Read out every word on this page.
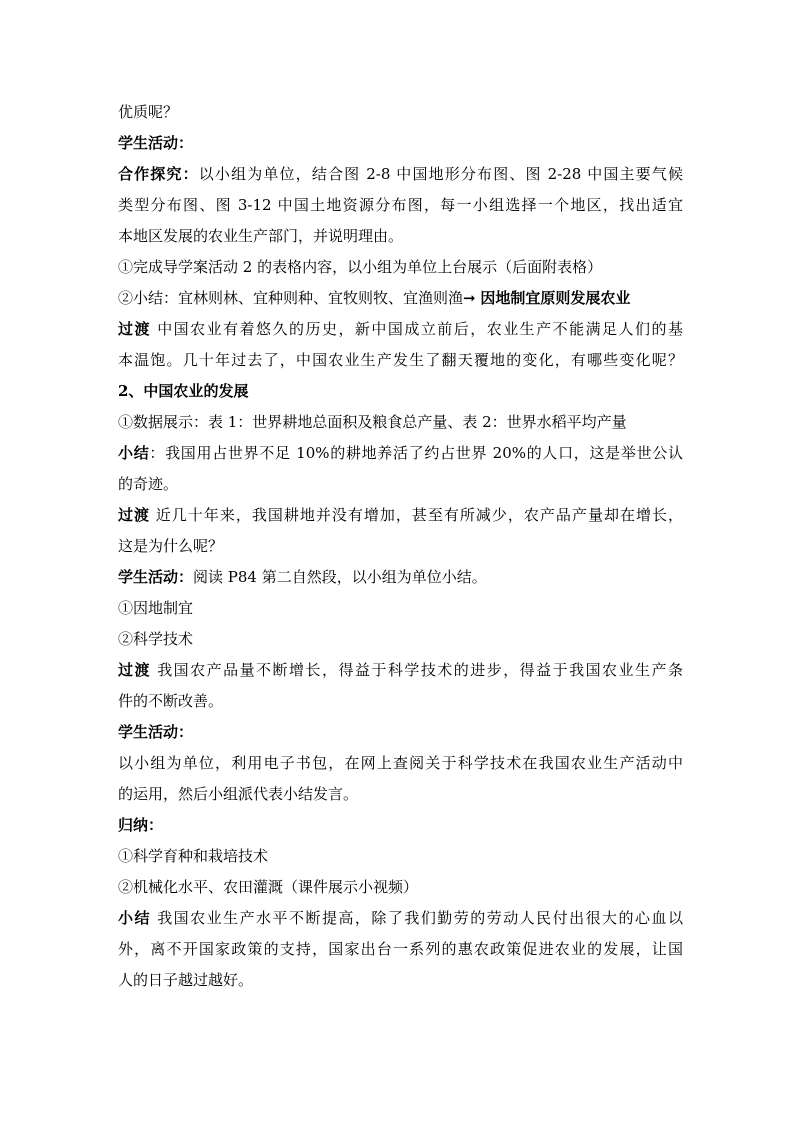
优质呢？
学生活动：
合作探究：以小组为单位，结合图 2-8 中国地形分布图、图 2-28 中国主要气候
类型分布图、图 3-12 中国土地资源分布图，每一小组选择一个地区，找出适宜
本地区发展的农业生产部门，并说明理由。
①完成导学案活动 2 的表格内容，以小组为单位上台展示（后面附表格）
②小结：宜林则林、宜种则种、宜牧则牧、宜渔则渔➞ 因地制宜原则发展农业
过渡 中国农业有着悠久的历史，新中国成立前后，农业生产不能满足人们的基
本温饱。几十年过去了，中国农业生产发生了翻天覆地的变化，有哪些变化呢？
2、中国农业的发展
①数据展示：表 1：世界耕地总面积及粮食总产量、表 2：世界水稻平均产量
小结：我国用占世界不足 10%的耕地养活了约占世界 20%的人口，这是举世公认
的奇迹。
过渡 近几十年来，我国耕地并没有增加，甚至有所减少，农产品产量却在增长，
这是为什么呢？
学生活动：阅读 P84 第二自然段，以小组为单位小结。
①因地制宜
②科学技术
过渡 我国农产品量不断增长，得益于科学技术的进步，得益于我国农业生产条
件的不断改善。
学生活动：
以小组为单位，利用电子书包，在网上查阅关于科学技术在我国农业生产活动中
的运用，然后小组派代表小结发言。
归纳：
①科学育种和栽培技术
②机械化水平、农田灌溉（课件展示小视频）
小结 我国农业生产水平不断提高，除了我们勤劳的劳动人民付出很大的心血以
外，离不开国家政策的支持，国家出台一系列的惠农政策促进农业的发展，让国
人的日子越过越好。
